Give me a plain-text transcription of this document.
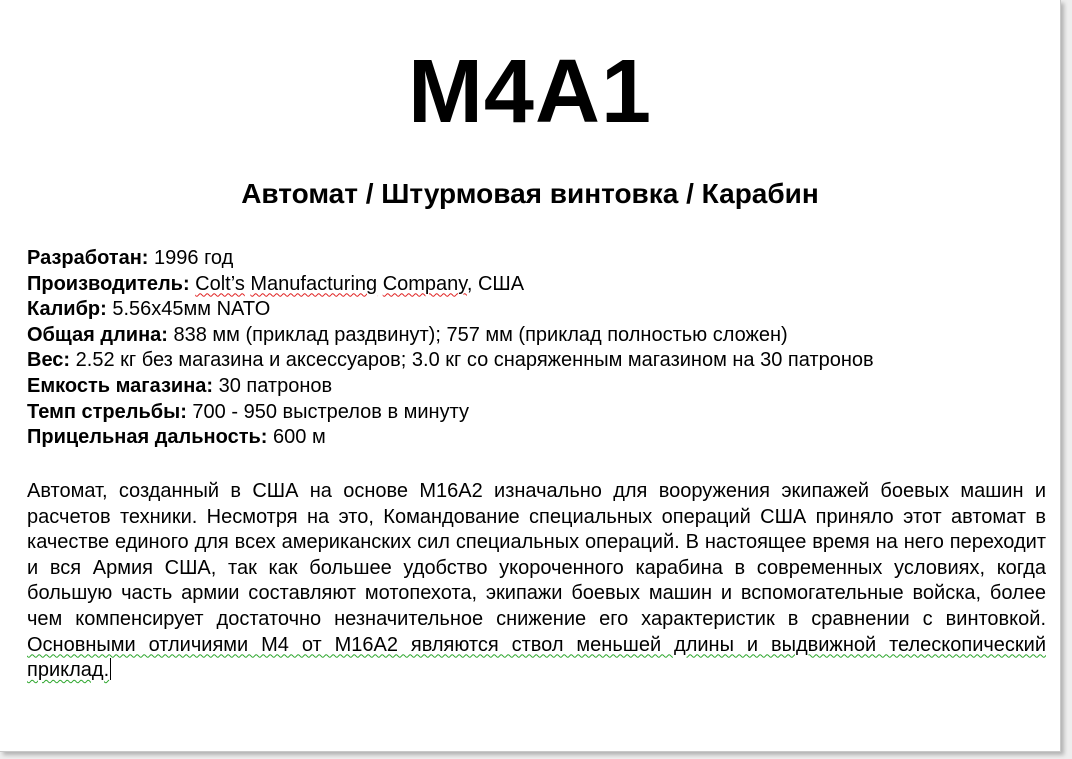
M4A1
Автомат / Штурмовая винтовка / Карабин
Разработан: 1996 год
Производитель: Colt’s Manufacturing Company, США
Калибр: 5.56x45мм NATO
Общая длина: 838 мм (приклад раздвинут); 757 мм (приклад полностью сложен)
Вес: 2.52 кг без магазина и аксессуаров; 3.0 кг со снаряженным магазином на 30 патронов
Емкость магазина: 30 патронов
Темп стрельбы: 700 - 950 выстрелов в минуту
Прицельная дальность: 600 м
Автомат, созданный в США на основе M16A2 изначально для вооружения экипажей боевых машин и расчетов техники. Несмотря на это, Командование специальных операций США приняло этот автомат в качестве единого для всех американских сил специальных операций. В настоящее время на него переходит и вся Армия США, так как большее удобство укороченного карабина в современных условиях, когда большую часть армии составляют мотопехота, экипажи боевых машин и вспомогательные войска, более чем компенсирует достаточно незначительное снижение его характеристик в сравнении с винтовкой. Основными отличиями M4 от M16A2 являются ствол меньшей длины и выдвижной телескопический приклад.
